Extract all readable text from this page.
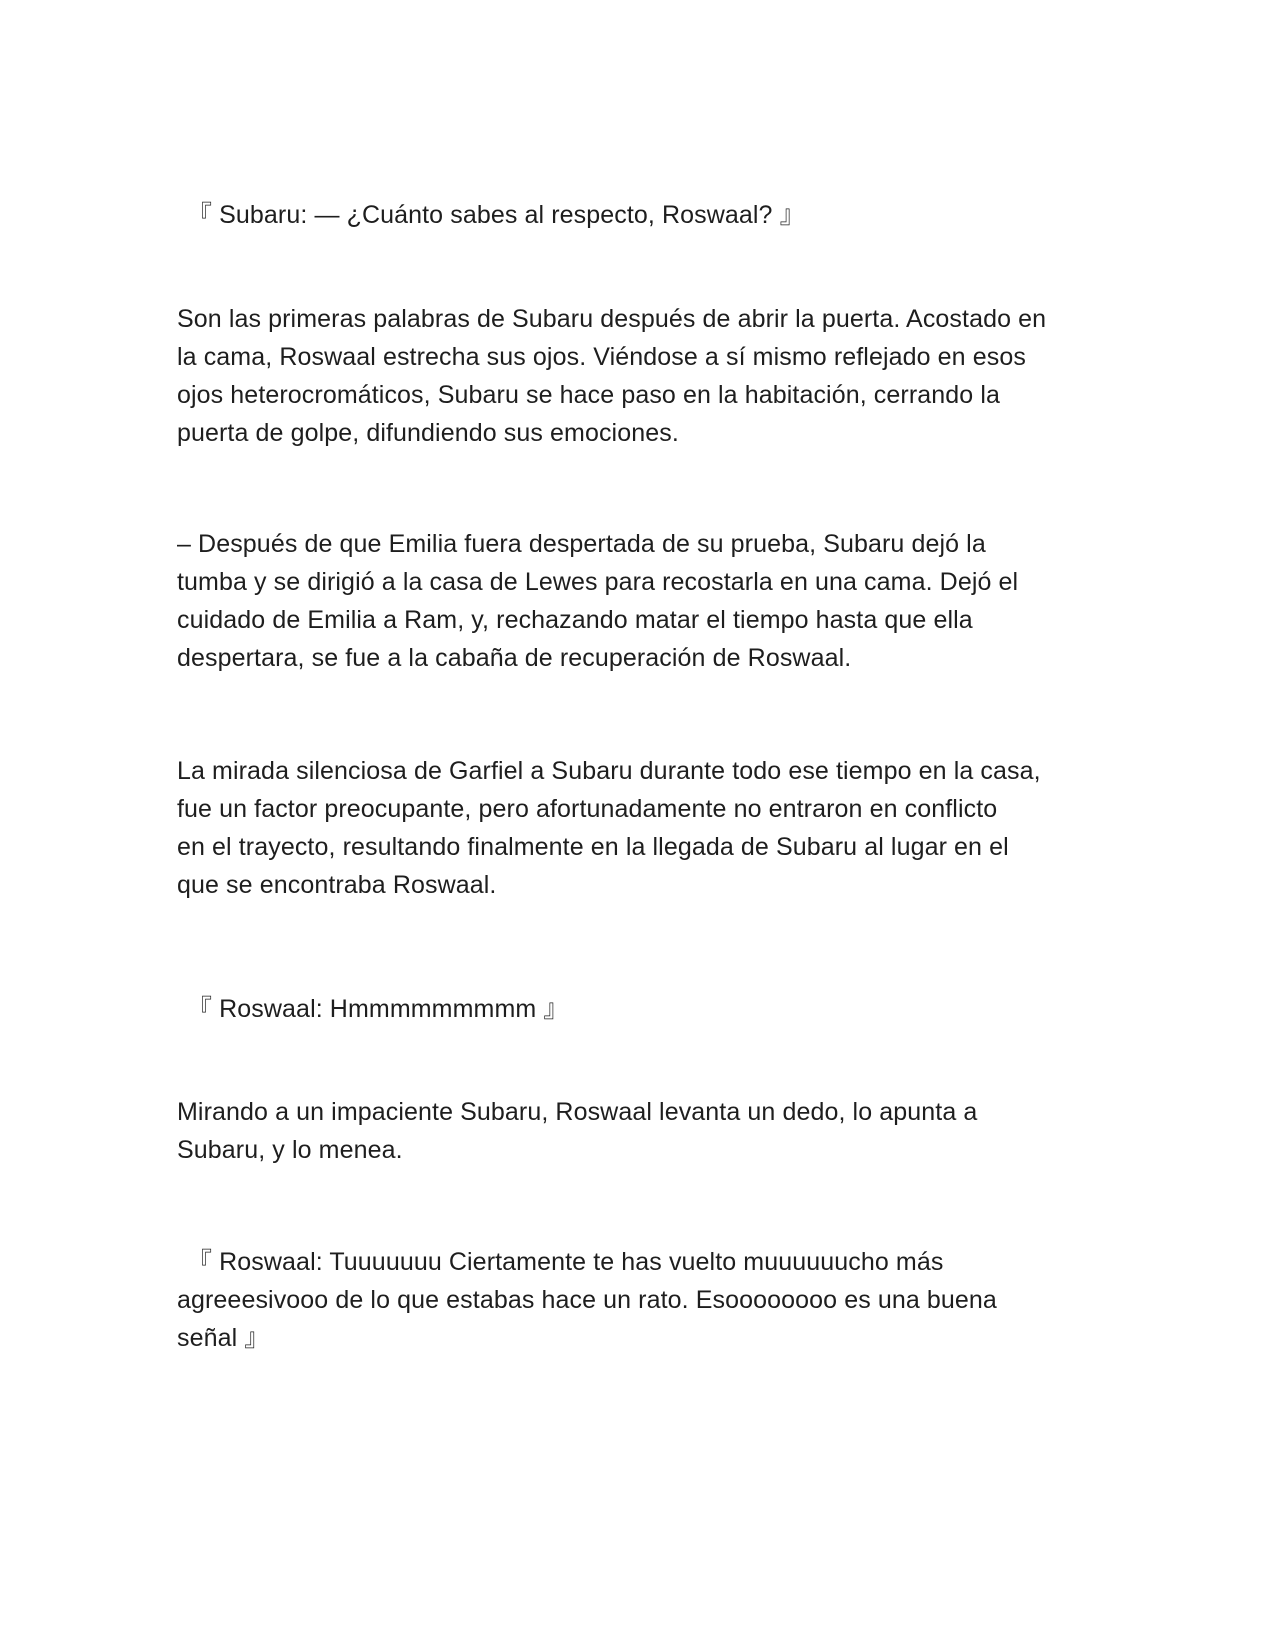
『 Subaru: — ¿Cuánto sabes al respecto, Roswaal? 』

Son las primeras palabras de Subaru después de abrir la puerta. Acostado en
la cama, Roswaal estrecha sus ojos. Viéndose a sí mismo reflejado en esos
ojos heterocromáticos, Subaru se hace paso en la habitación, cerrando la
puerta de golpe, difundiendo sus emociones.

– Después de que Emilia fuera despertada de su prueba, Subaru dejó la
tumba y se dirigió a la casa de Lewes para recostarla en una cama. Dejó el
cuidado de Emilia a Ram, y, rechazando matar el tiempo hasta que ella
despertara, se fue a la cabaña de recuperación de Roswaal.

La mirada silenciosa de Garfiel a Subaru durante todo ese tiempo en la casa,
fue un factor preocupante, pero afortunadamente no entraron en conflicto
en el trayecto, resultando finalmente en la llegada de Subaru al lugar en el
que se encontraba Roswaal.

『 Roswaal: Hmmmmmmmmm 』

Mirando a un impaciente Subaru, Roswaal levanta un dedo, lo apunta a
Subaru, y lo menea.

『 Roswaal: Tuuuuuuu Ciertamente te has vuelto muuuuuucho más
agreeesivooo de lo que estabas hace un rato. Esoooooooo es una buena
señal 』
